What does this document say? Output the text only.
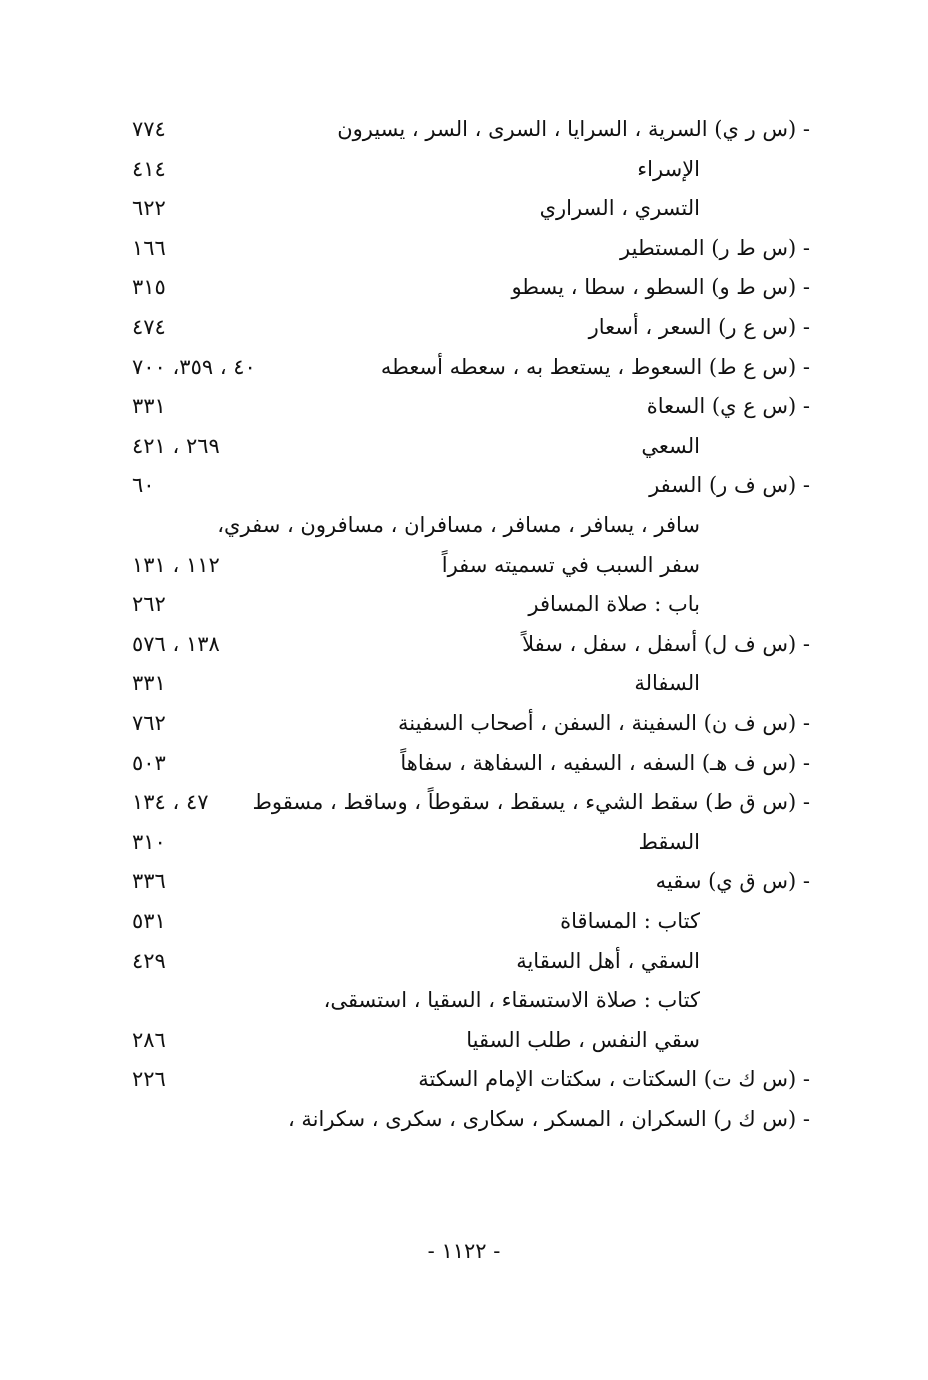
- (س ر ي) السرية ، السرايا ، السرى ، السر ، يسيرون
٧٧٤
الإسراء
٤١٤
التسري ، السراري
٦٢٢
- (س ط ر) المستطير
١٦٦
- (س ط و) السطو ، سطا ، يسطو
٣١٥
- (س ع ر) السعر ، أسعار
٤٧٤
- (س ع ط) السعوط ، يستعط به ، سعطه أسعطه
٤٠ ، ٣٥٩، ٧٠٠
- (س ع ي) السعاة
٣٣١
السعي
٢٦٩ ، ٤٢١
- (س ف ر) السفر
٦٠
سافر ، يسافر ، مسافر ، مسافران ، مسافرون ، سفري،
سفر السبب في تسميته سفراً
١١٢ ، ١٣١
باب : صلاة المسافر
٢٦٢
- (س ف ل) أسفل ، سفل ، سفلاً
١٣٨ ، ٥٧٦
السفالة
٣٣١
- (س ف ن) السفينة ، السفن ، أصحاب السفينة
٧٦٢
- (س ف هـ) السفه ، السفيه ، السفاهة ، سفاهاً
٥٠٣
- (س ق ط) سقط الشيء ، يسقط ، سقوطاً ، وساقط ، مسقوط
٤٧ ، ١٣٤
السقط
٣١٠
- (س ق ي) سقيه
٣٣٦
كتاب : المساقاة
٥٣١
السقي ، أهل السقاية
٤٢٩
كتاب : صلاة الاستسقاء ، السقيا ، استسقى،
سقي النفس ، طلب السقيا
٢٨٦
- (س ك ت) السكتات ، سكتات الإمام السكتة
٢٢٦
- (س ك ر) السكران ، المسكر ، سكارى ، سكرى ، سكرانة ،
- ١١٢٢ -
